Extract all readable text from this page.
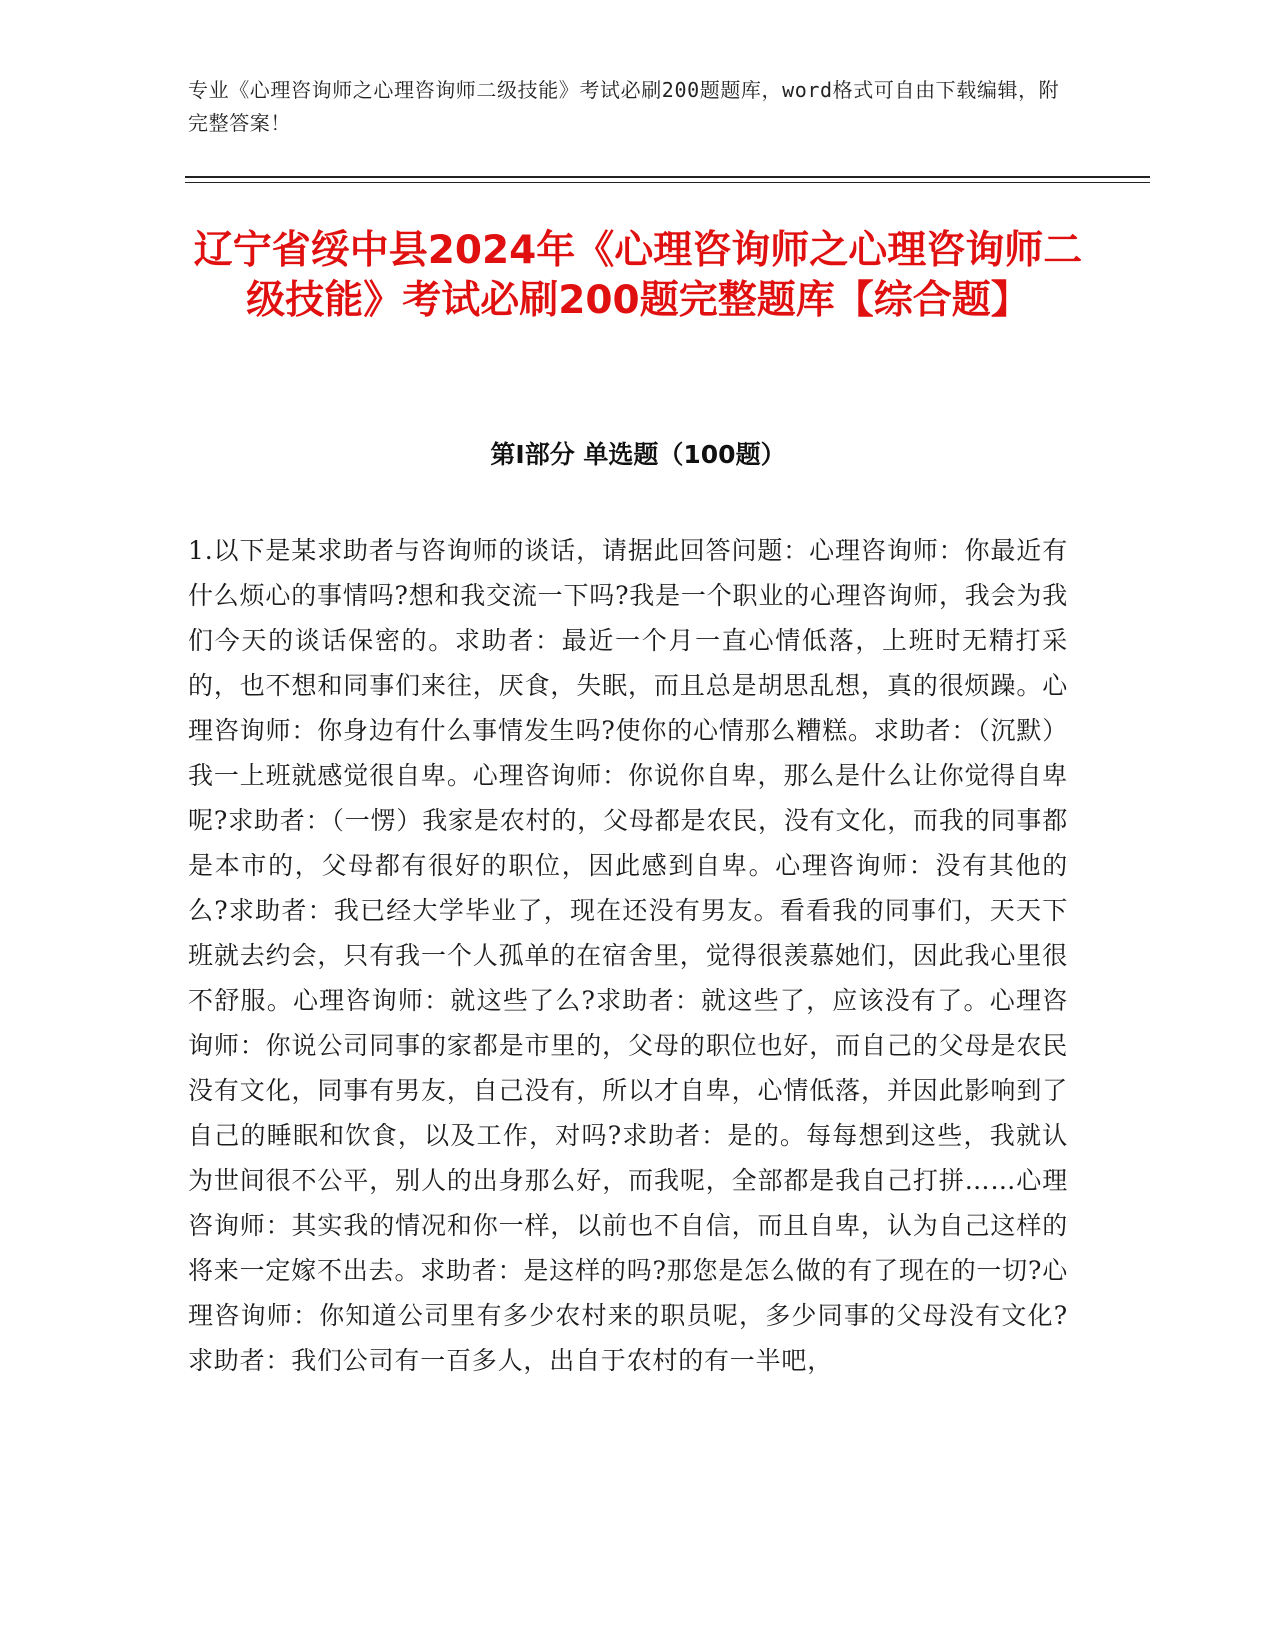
专业《心理咨询师之心理咨询师二级技能》考试必刷200题题库，word格式可自由下载编辑，附完整答案！
辽宁省绥中县2024年《心理咨询师之心理咨询师二级技能》考试必刷200题完整题库【综合题】
第I部分 单选题（100题）

1.以下是某求助者与咨询师的谈话，请据此回答问题：心理咨询师：你最近有什么烦心的事情吗?想和我交流一下吗?我是一个职业的心理咨询师，我会为我们今天的谈话保密的。求助者：最近一个月一直心情低落，上班时无精打采的，也不想和同事们来往，厌食，失眠，而且总是胡思乱想，真的很烦躁。心理咨询师：你身边有什么事情发生吗?使你的心情那么糟糕。求助者：（沉默）我一上班就感觉很自卑。心理咨询师：你说你自卑，那么是什么让你觉得自卑呢?求助者：（一愣）我家是农村的，父母都是农民，没有文化，而我的同事都是本市的，父母都有很好的职位，因此感到自卑。心理咨询师：没有其他的么?求助者：我已经大学毕业了，现在还没有男友。看看我的同事们，天天下班就去约会，只有我一个人孤单的在宿舍里，觉得很羡慕她们，因此我心里很不舒服。心理咨询师：就这些了么?求助者：就这些了，应该没有了。心理咨询师：你说公司同事的家都是市里的，父母的职位也好，而自己的父母是农民没有文化，同事有男友，自己没有，所以才自卑，心情低落，并因此影响到了自己的睡眠和饮食，以及工作，对吗?求助者：是的。每每想到这些，我就认为世间很不公平，别人的出身那么好，而我呢，全部都是我自己打拼……心理咨询师：其实我的情况和你一样，以前也不自信，而且自卑，认为自己这样的将来一定嫁不出去。求助者：是这样的吗?那您是怎么做的有了现在的一切?心理咨询师：你知道公司里有多少农村来的职员呢，多少同事的父母没有文化?求助者：我们公司有一百多人，出自于农村的有一半吧，
